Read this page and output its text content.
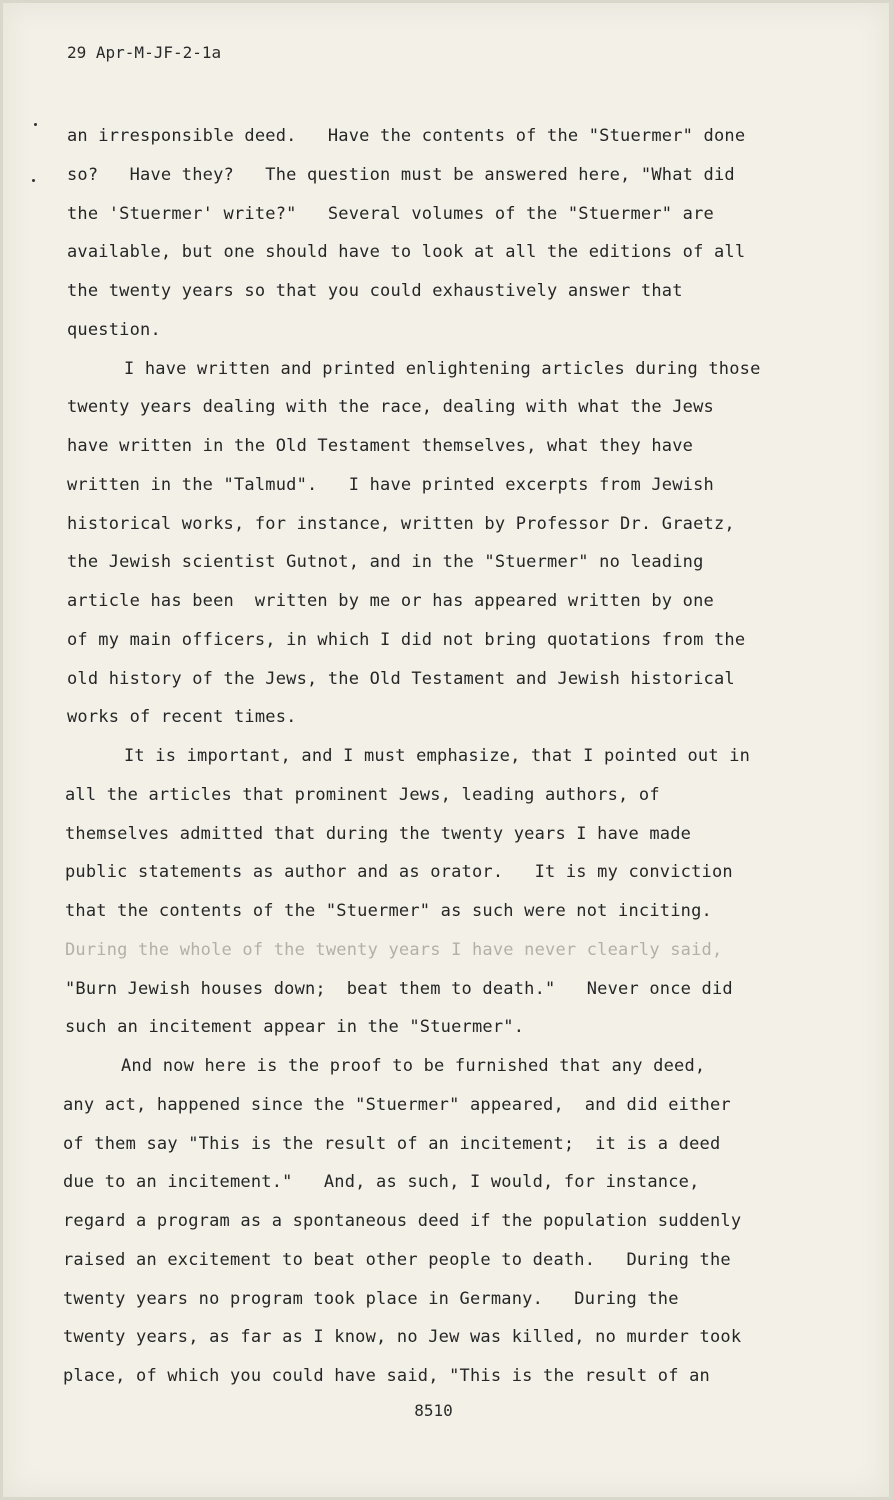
29 Apr-M-JF-2-1a
an irresponsible deed.   Have the contents of the "Stuermer" done
so?   Have they?   The question must be answered here, "What did
the 'Stuermer' write?"   Several volumes of the "Stuermer" are
available, but one should have to look at all the editions of all
the twenty years so that you could exhaustively answer that
question.
I have written and printed enlightening articles during those
twenty years dealing with the race, dealing with what the Jews
have written in the Old Testament themselves, what they have
written in the "Talmud".   I have printed excerpts from Jewish
historical works, for instance, written by Professor Dr. Graetz,
the Jewish scientist Gutnot, and in the "Stuermer" no leading
article has been  written by me or has appeared written by one
of my main officers, in which I did not bring quotations from the
old history of the Jews, the Old Testament and Jewish historical
works of recent times.
It is important, and I must emphasize, that I pointed out in
all the articles that prominent Jews, leading authors, of
themselves admitted that during the twenty years I have made
public statements as author and as orator.   It is my conviction
that the contents of the "Stuermer" as such were not inciting.
During the whole of the twenty years I have never clearly said,
"Burn Jewish houses down;  beat them to death."   Never once did
such an incitement appear in the "Stuermer".
And now here is the proof to be furnished that any deed,
any act, happened since the "Stuermer" appeared,  and did either
of them say "This is the result of an incitement;  it is a deed
due to an incitement."   And, as such, I would, for instance,
regard a program as a spontaneous deed if the population suddenly
raised an excitement to beat other people to death.   During the
twenty years no program took place in Germany.   During the
twenty years, as far as I know, no Jew was killed, no murder took
place, of which you could have said, "This is the result of an
8510
